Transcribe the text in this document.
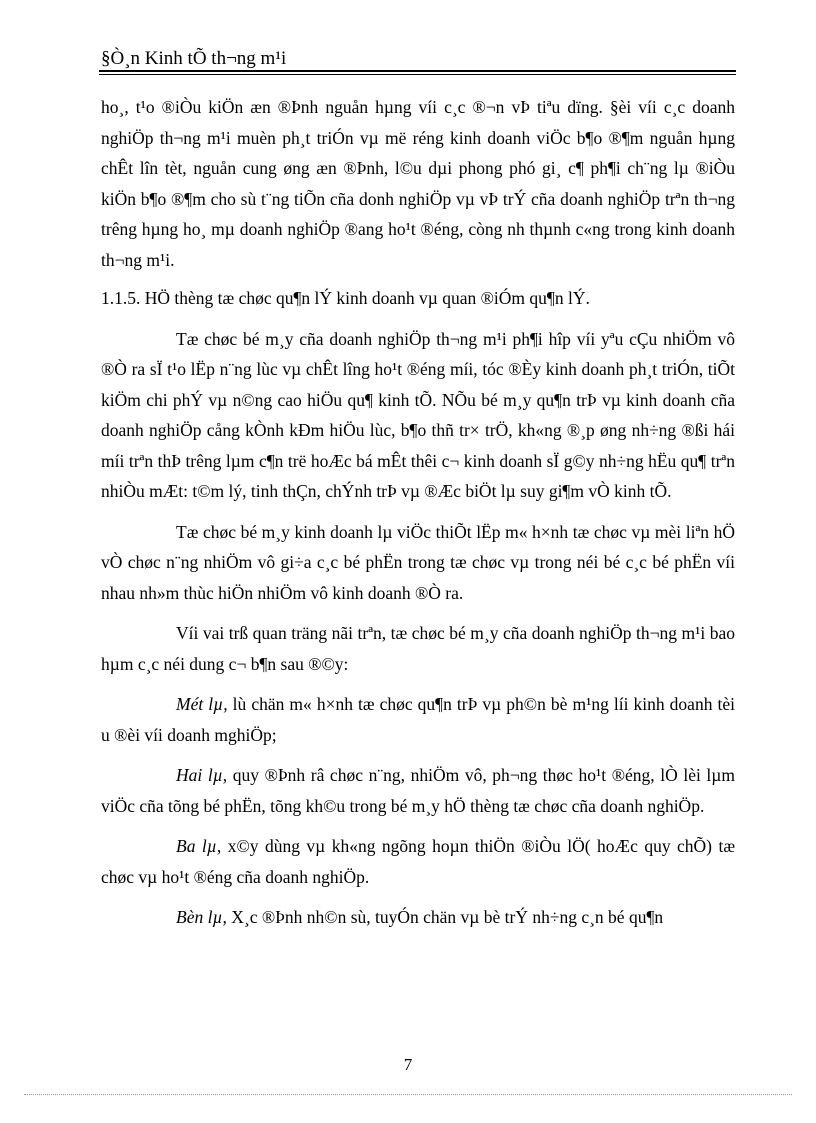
§Ò¸n Kinh tÕ th¬ng m¹i

ho¸, t¹o ®iÒu kiÖn æn ®Þnh nguån hµng víi c¸c ®¬n vÞ tiªu dïng. §èi víi c¸c doanh nghiÖp th¬ng m¹i muèn ph¸t triÓn vµ më réng kinh doanh viÖc b¶o ®¶m nguån hµng chÊt lîn tèt, nguån cung øng æn ®Þnh, l©u dµi phong phó gi¸ c¶ ph¶i ch¨ng lµ ®iÒu kiÖn b¶o ®¶m cho sù t¨ng tiÕn cña donh nghiÖp vµ vÞ trÝ cña doanh nghiÖp trªn th¬ng trêng hµng ho¸ mµ doanh nghiÖp ®ang ho¹t ®éng, còng nh thµnh c«ng trong kinh doanh th¬ng m¹i.

1.1.5. HÖ thèng tæ chøc qu¶n lÝ kinh doanh vµ quan ®iÓm qu¶n lÝ.

Tæ chøc bé m¸y cña doanh nghiÖp th¬ng m¹i ph¶i hîp víi yªu cÇu nhiÖm vô ®Ò ra sÏ t¹o lËp n¨ng lùc vµ chÊt lîng ho¹t ®éng míi, tóc ®Èy kinh doanh ph¸t triÓn, tiÕt kiÖm chi phÝ vµ n©ng cao hiÖu qu¶ kinh tÕ. NÕu bé m¸y qu¶n trÞ vµ kinh doanh cña doanh nghiÖp cång kÒnh kÐm hiÖu lùc, b¶o thñ tr× trÖ, kh«ng ®¸p øng nh÷ng ®ßi hái míi trªn thÞ trêng lµm c¶n trë hoÆc bá mÊt thêi c¬ kinh doanh sÏ g©y nh÷ng hËu qu¶ trªn nhiÒu mÆt: t©m lý, tinh thÇn, chÝnh trÞ vµ ®Æc biÖt lµ suy gi¶m vÒ kinh tÕ.

Tæ chøc bé m¸y kinh doanh lµ viÖc thiÕt lËp m« h×nh tæ chøc vµ mèi liªn hÖ vÒ chøc n¨ng nhiÖm vô gi÷a c¸c bé phËn trong tæ chøc vµ trong néi bé c¸c bé phËn víi nhau nh»m thùc hiÖn nhiÖm vô kinh doanh ®Ò ra.

Víi vai trß quan träng nãi trªn, tæ chøc bé m¸y cña doanh nghiÖp th¬ng m¹i bao hµm c¸c néi dung c¬ b¶n sau ®©y:

Mét lµ, lù chän m« h×nh tæ chøc qu¶n trÞ vµ ph©n bè m¹ng líi kinh doanh tèi u ®èi víi doanh mghiÖp;

Hai lµ, quy ®Þnh râ chøc n¨ng, nhiÖm vô, ph¬ng thøc ho¹t ®éng, lÒ lèi lµm viÖc cña tõng bé phËn, tõng kh©u trong bé m¸y hÖ thèng tæ chøc cña doanh nghiÖp.

Ba lµ, x©y dùng vµ kh«ng ngõng hoµn thiÖn ®iÒu lÖ( hoÆc quy chÕ) tæ chøc vµ ho¹t ®éng cña doanh nghiÖp.

Bèn lµ, X¸c ®Þnh nh©n sù, tuyÓn chän vµ bè trÝ nh÷ng c¸n bé qu¶n

7
